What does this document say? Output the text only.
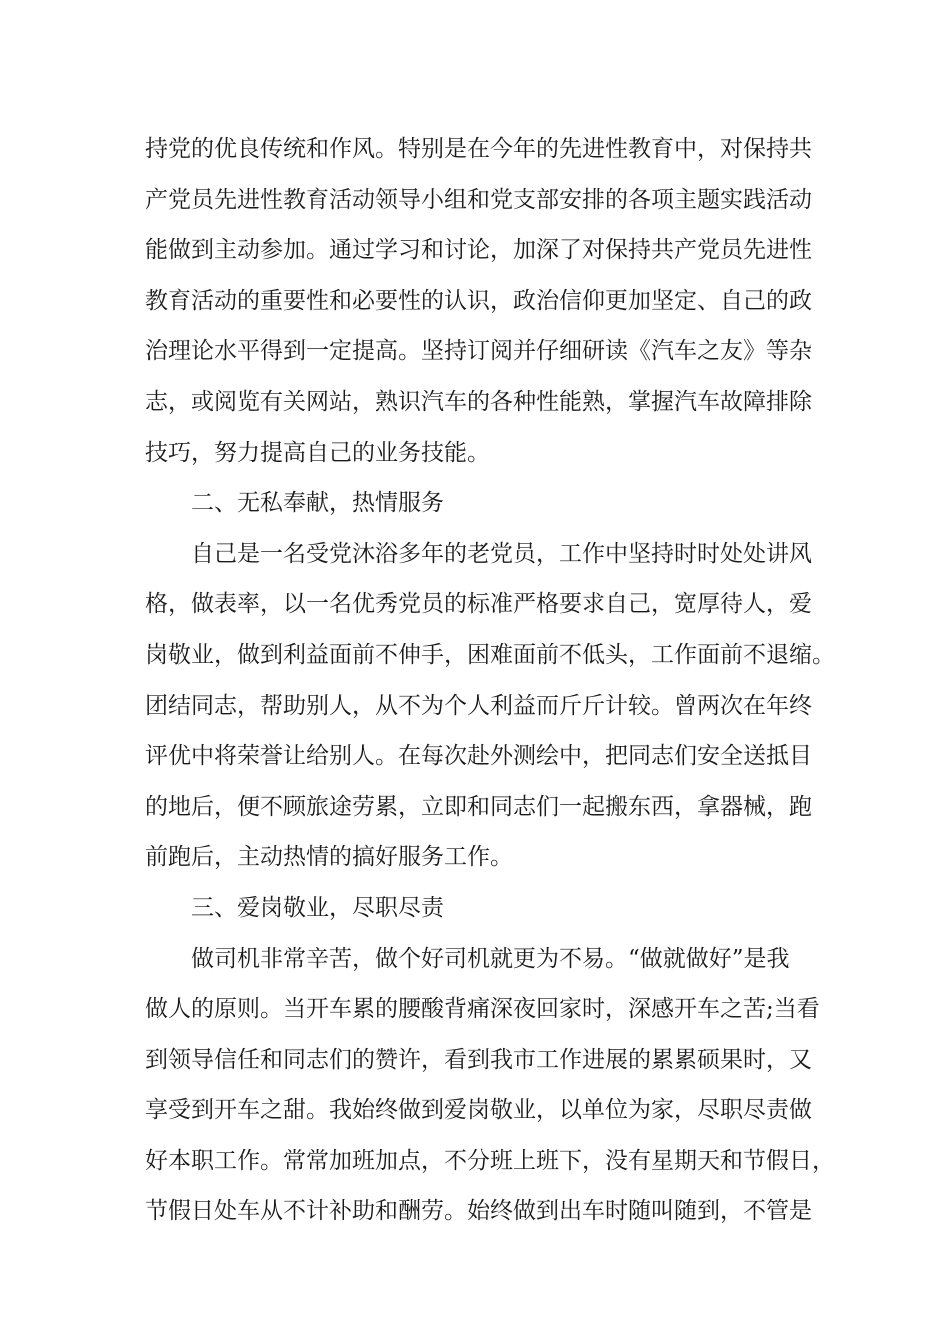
持党的优良传统和作风。特别是在今年的先进性教育中，对保持共
产党员先进性教育活动领导小组和党支部安排的各项主题实践活动
能做到主动参加。通过学习和讨论，加深了对保持共产党员先进性
教育活动的重要性和必要性的认识，政治信仰更加坚定、自己的政
治理论水平得到一定提高。坚持订阅并仔细研读《汽车之友》等杂
志，或阅览有关网站，熟识汽车的各种性能熟，掌握汽车故障排除
技巧，努力提高自己的业务技能。
二、无私奉献，热情服务
自己是一名受党沐浴多年的老党员，工作中坚持时时处处讲风
格，做表率，以一名优秀党员的标准严格要求自己，宽厚待人，爱
岗敬业，做到利益面前不伸手，困难面前不低头，工作面前不退缩。
团结同志，帮助别人，从不为个人利益而斤斤计较。曾两次在年终
评优中将荣誉让给别人。在每次赴外测绘中，把同志们安全送抵目
的地后，便不顾旅途劳累，立即和同志们一起搬东西，拿器械，跑
前跑后，主动热情的搞好服务工作。
三、爱岗敬业，尽职尽责
做司机非常辛苦，做个好司机就更为不易。“做就做好”是我
做人的原则。当开车累的腰酸背痛深夜回家时，深感开车之苦;当看
到领导信任和同志们的赞许，看到我市工作进展的累累硕果时，又
享受到开车之甜。我始终做到爱岗敬业，以单位为家，尽职尽责做
好本职工作。常常加班加点，不分班上班下，没有星期天和节假日，
节假日处车从不计补助和酬劳。始终做到出车时随叫随到，不管是
